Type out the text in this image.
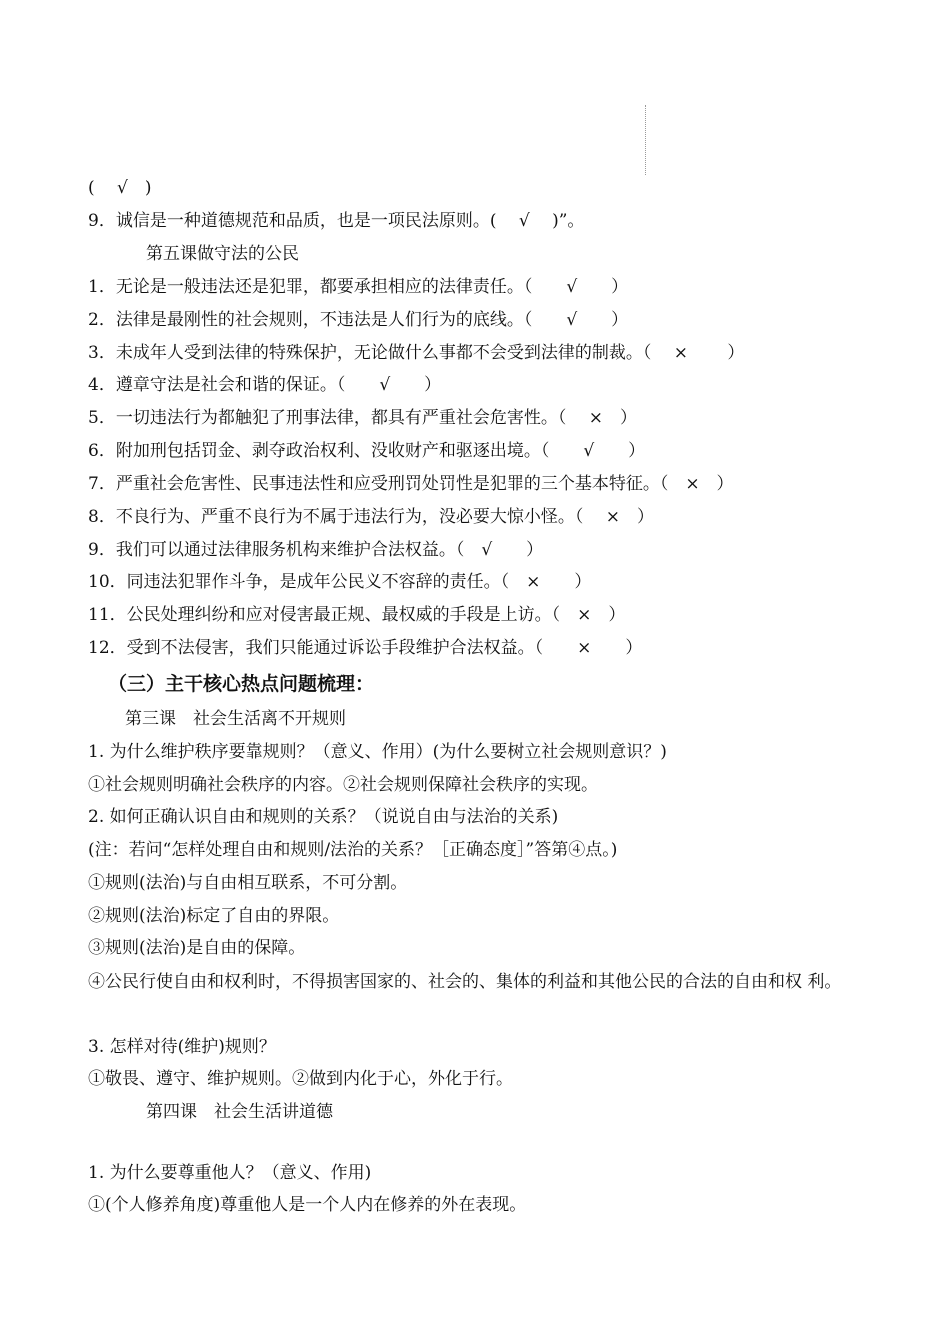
(　 √　)
9．诚信是一种道德规范和品质，也是一项民法原则。(　 √　 )”。
第五课做守法的公民
1．无论是一般违法还是犯罪，都要承担相应的法律责任。（　　√　　）
2．法律是最刚性的社会规则，不违法是人们行为的底线。（　　√　　）
3．未成年人受到法律的特殊保护，无论做什么事都不会受到法律的制裁。（　 ×　　 ）
4．遵章守法是社会和谐的保证。（　　√　　）
5．一切违法行为都触犯了刑事法律，都具有严重社会危害性。（　 ×　）
6．附加刑包括罚金、剥夺政治权利、没收财产和驱逐出境。（　　√　　）
7．严重社会危害性、民事违法性和应受刑罚处罚性是犯罪的三个基本特征。（　×　）
8．不良行为、严重不良行为不属于违法行为，没必要大惊小怪。（　 ×　）
9．我们可以通过法律服务机构来维护合法权益。（　√　　）
10．同违法犯罪作斗争，是成年公民义不容辞的责任。（　×　　）
11．公民处理纠纷和应对侵害最正规、最权威的手段是上访。（　×　）
12．受到不法侵害，我们只能通过诉讼手段维护合法权益。（　　×　　）
（三）主干核心热点问题梳理：
第三课　社会生活离不开规则
1. 为什么维护秩序要靠规则？（意义、作用）(为什么要树立社会规则意识？)
①社会规则明确社会秩序的内容。②社会规则保障社会秩序的实现。
2. 如何正确认识自由和规则的关系？（说说自由与法治的关系)
(注：若问“怎样处理自由和规则/法治的关系？［正确态度］”答第④点。)
①规则(法治)与自由相互联系，不可分割。
②规则(法治)标定了自由的界限。
③规则(法治)是自由的保障。
④公民行使自由和权利时，不得损害国家的、社会的、集体的利益和其他公民的合法的自由和权 利。
3. 怎样对待(维护)规则？
①敬畏、遵守、维护规则。②做到内化于心，外化于行。
第四课　社会生活讲道德
1. 为什么要尊重他人？（意义、作用)
①(个人修养角度)尊重他人是一个人内在修养的外在表现。
